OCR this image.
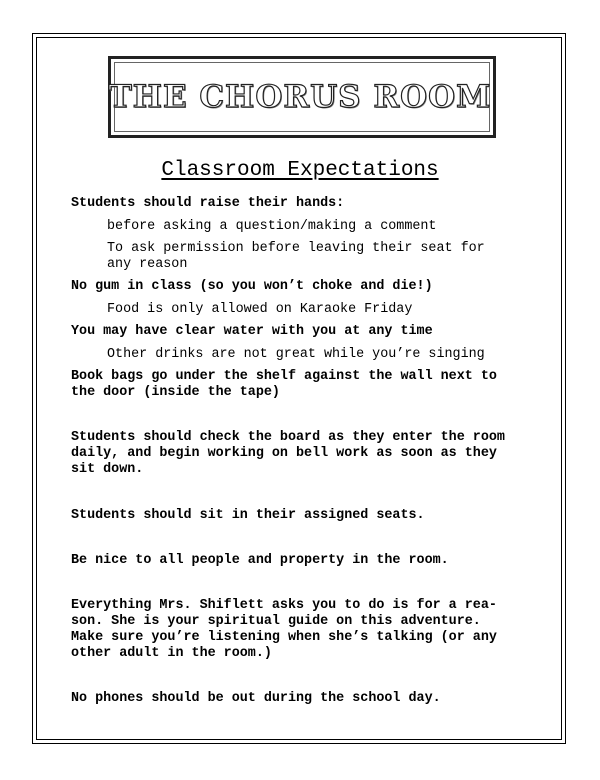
THE CHORUS ROOM
Classroom Expectations
Students should raise their hands:
before asking a question/making a comment
To ask permission before leaving their seat for
any reason
No gum in class (so you won’t choke and die!)
Food is only allowed on Karaoke Friday
You may have clear water with you at any time
Other drinks are not great while you’re singing
Book bags go under the shelf against the wall next to
the door (inside the tape)
Students should check the board as they enter the room
daily, and begin working on bell work as soon as they
sit down.
Students should sit in their assigned seats.
Be nice to all people and property in the room.
Everything Mrs. Shiflett asks you to do is for a rea-
son. She is your spiritual guide on this adventure.
Make sure you’re listening when she’s talking (or any
other adult in the room.)
No phones should be out during the school day.
